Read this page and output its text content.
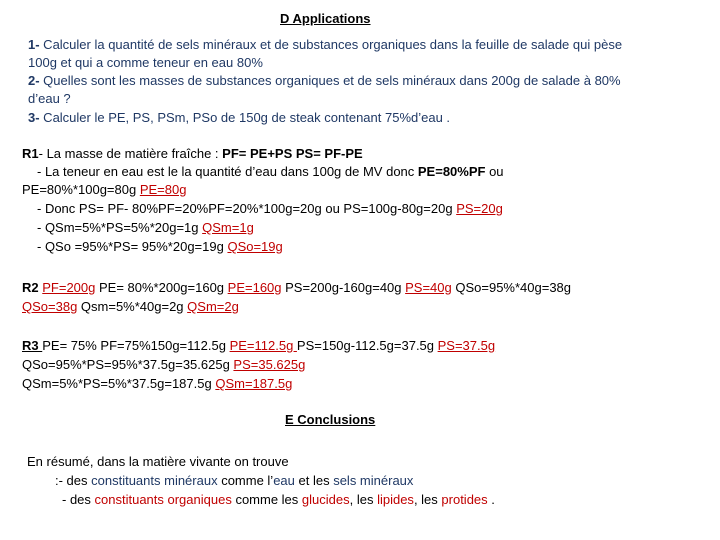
D Applications
1- Calculer la quantité de sels minéraux et de substances organiques dans la feuille de salade qui pèse
100g et qui a comme teneur en eau 80%
2- Quelles sont les masses de substances organiques et de sels minéraux dans 200g de salade à 80%
d’eau ?
3- Calculer le PE, PS, PSm, PSo de 150g de steak contenant 75%d’eau .
R1- La masse de matière fraîche : PF= PE+PS PS= PF-PE
- La teneur en eau est le la quantité d’eau dans 100g de MV donc PE=80%PF ou
PE=80%*100g=80g PE=80g
- Donc PS= PF- 80%PF=20%PF=20%*100g=20g ou PS=100g-80g=20g PS=20g
- QSm=5%*PS=5%*20g=1g QSm=1g
- QSo =95%*PS= 95%*20g=19g QSo=19g
R2 PF=200g PE= 80%*200g=160g PE=160g PS=200g-160g=40g PS=40g QSo=95%*40g=38g
QSo=38g Qsm=5%*40g=2g QSm=2g
R3 PE= 75% PF=75%150g=112.5g PE=112.5g PS=150g-112.5g=37.5g PS=37.5g
QSo=95%*PS=95%*37.5g=35.625g PS=35.625g
QSm=5%*PS=5%*37.5g=187.5g QSm=187.5g
E Conclusions
En résumé, dans la matière vivante on trouve
:- des constituants minéraux comme l’eau et les sels minéraux
- des constituants organiques comme les glucides, les lipides, les protides .
